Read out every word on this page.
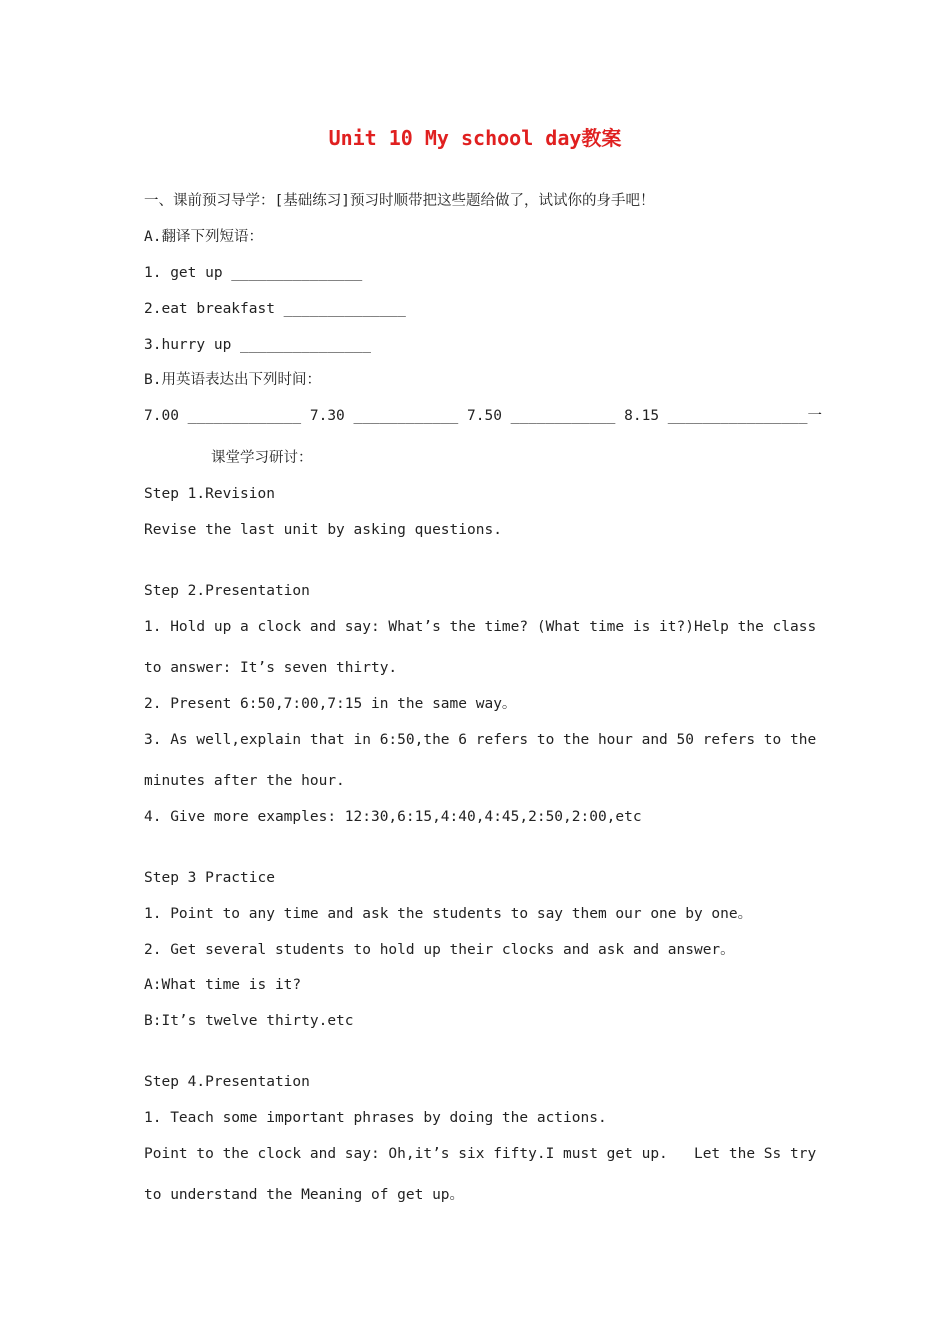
Unit 10 My school day教案
一、课前预习导学：[基础练习]预习时顺带把这些题给做了，试试你的身手吧！
A.翻译下列短语：
1. get up _______________
2.eat breakfast ______________
3.hurry up _______________
B.用英语表达出下列时间：
7.00 _____________ 7.30 ____________ 7.50 ____________ 8.15 ________________一
课堂学习研讨：
Step 1.Revision
Revise the last unit by asking questions.
Step 2.Presentation
1. Hold up a clock and say: What’s the time? (What time is it?)Help the class
to answer: It’s seven thirty.
2. Present 6:50,7:00,7:15 in the same way。
3. As well,explain that in 6:50,the 6 refers to the hour and 50 refers to the
minutes after the hour.
4. Give more examples: 12:30,6:15,4:40,4:45,2:50,2:00,etc
Step 3 Practice
1. Point to any time and ask the students to say them our one by one。
2. Get several students to hold up their clocks and ask and answer。
A:What time is it?
B:It’s twelve thirty.etc
Step 4.Presentation
1. Teach some important phrases by doing the actions.
Point to the clock and say: Oh,it’s six fifty.I must get up.   Let the Ss try
to understand the Meaning of get up。
